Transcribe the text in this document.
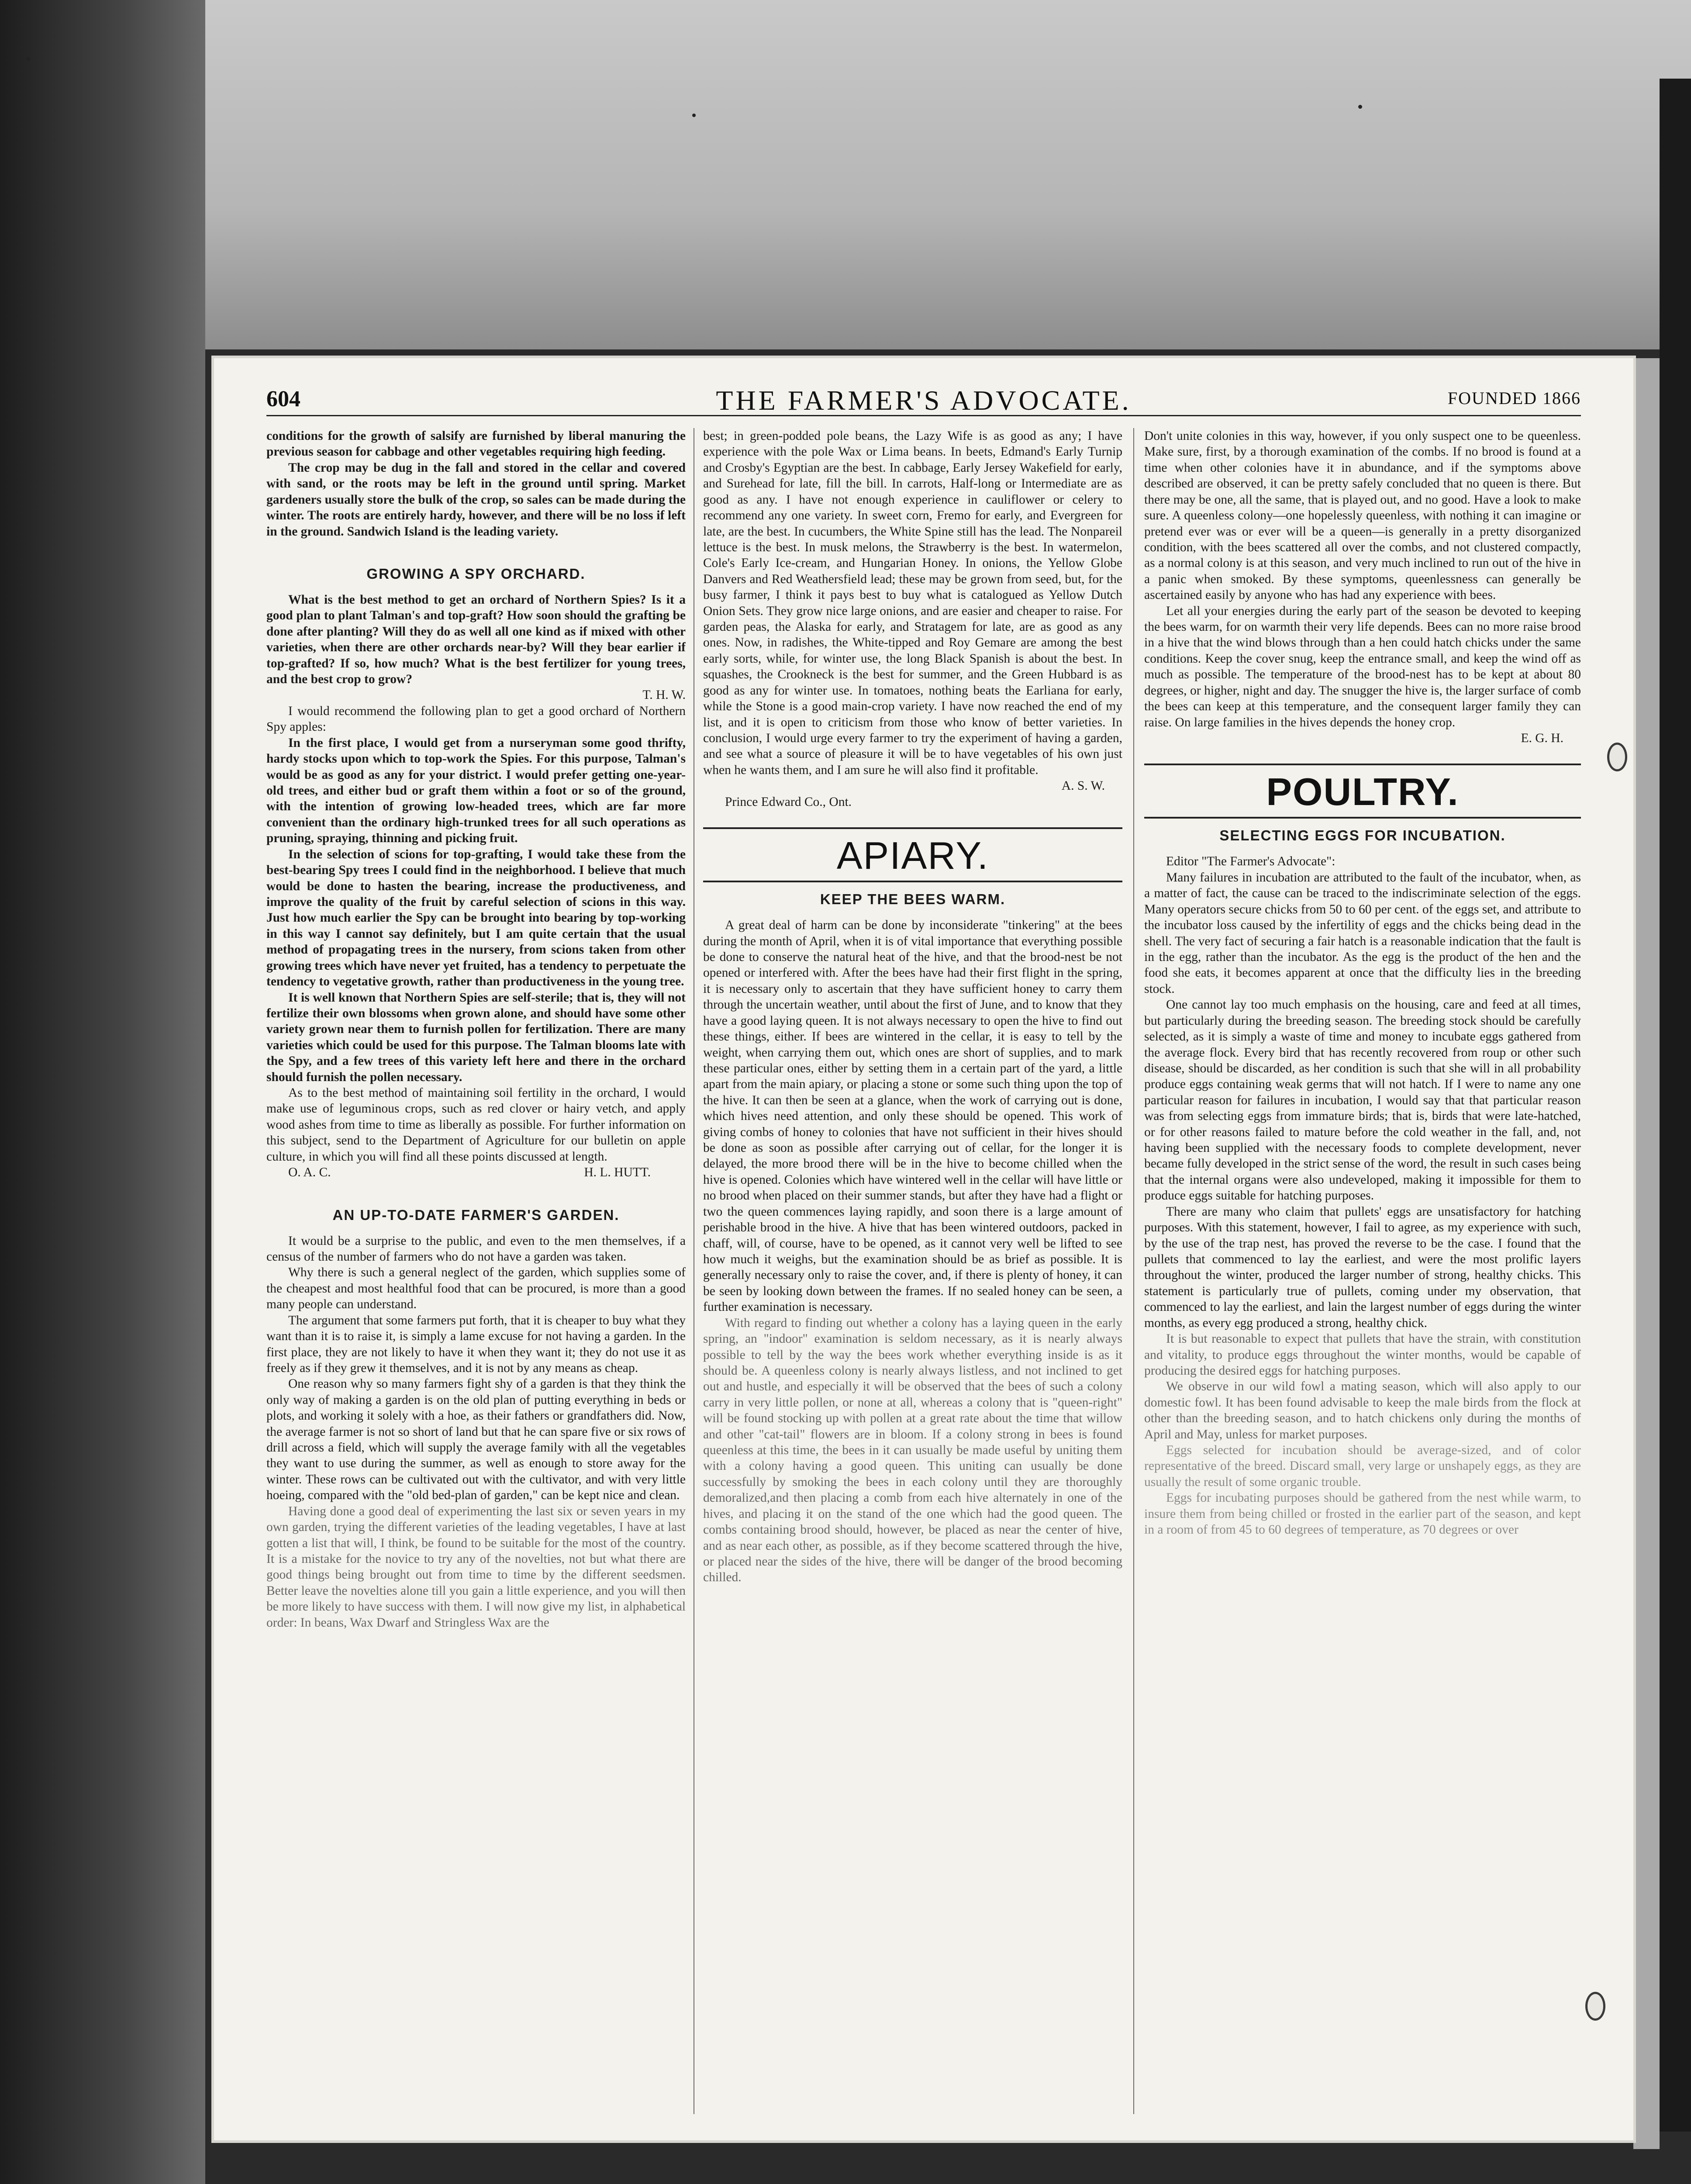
604	THE FARMER'S ADVOCATE.	FOUNDED 1866

conditions for the growth of salsify are furnished by liberal manuring the previous season for cabbage and other vegetables requiring high feeding.

The crop may be dug in the fall and stored in the cellar and covered with sand, or the roots may be left in the ground until spring. Market gardeners usually store the bulk of the crop, so sales can be made during the winter. The roots are entirely hardy, however, and there will be no loss if left in the ground. Sandwich Island is the leading variety.

GROWING A SPY ORCHARD.

What is the best method to get an orchard of Northern Spies? Is it a good plan to plant Talman's and top-graft? How soon should the grafting be done after planting? Will they do as well all one kind as if mixed with other varieties, when there are other orchards near-by? Will they bear earlier if top-grafted? If so, how much? What is the best fertilizer for young trees, and the best crop to grow?

T. H. W.

I would recommend the following plan to get a good orchard of Northern Spy apples:

In the first place, I would get from a nurseryman some good thrifty, hardy stocks upon which to top-work the Spies. For this purpose, Talman's would be as good as any for your district. I would prefer getting one-year-old trees, and either bud or graft them within a foot or so of the ground, with the intention of growing low-headed trees, which are far more convenient than the ordinary high-trunked trees for all such operations as pruning, spraying, thinning and picking fruit.

In the selection of scions for top-grafting, I would take these from the best-bearing Spy trees I could find in the neighborhood. I believe that much would be done to hasten the bearing, increase the productiveness, and improve the quality of the fruit by careful selection of scions in this way. Just how much earlier the Spy can be brought into bearing by top-working in this way I cannot say definitely, but I am quite certain that the usual method of propagating trees in the nursery, from scions taken from other growing trees which have never yet fruited, has a tendency to perpetuate the tendency to vegetative growth, rather than productiveness in the young tree.

It is well known that Northern Spies are self-sterile; that is, they will not fertilize their own blossoms when grown alone, and should have some other variety grown near them to furnish pollen for fertilization. There are many varieties which could be used for this purpose. The Talman blooms late with the Spy, and a few trees of this variety left here and there in the orchard should furnish the pollen necessary.

As to the best method of maintaining soil fertility in the orchard, I would make use of leguminous crops, such as red clover or hairy vetch, and apply wood ashes from time to time as liberally as possible. For further information on this subject, send to the Department of Agriculture for our bulletin on apple culture, in which you will find all these points discussed at length.

O. A. C.	H. L. HUTT.
AN UP-TO-DATE FARMER'S GARDEN.

It would be a surprise to the public, and even to the men themselves, if a census of the number of farmers who do not have a garden was taken.

Why there is such a general neglect of the garden, which supplies some of the cheapest and most healthful food that can be procured, is more than a good many people can understand.

The argument that some farmers put forth, that it is cheaper to buy what they want than it is to raise it, is simply a lame excuse for not having a garden. In the first place, they are not likely to have it when they want it; they do not use it as freely as if they grew it themselves, and it is not by any means as cheap.

One reason why so many farmers fight shy of a garden is that they think the only way of making a garden is on the old plan of putting everything in beds or plots, and working it solely with a hoe, as their fathers or grandfathers did. Now, the average farmer is not so short of land but that he can spare five or six rows of drill across a field, which will supply the average family with all the vegetables they want to use during the summer, as well as enough to store away for the winter. These rows can be cultivated out with the cultivator, and with very little hoeing, compared with the "old bed-plan of garden," can be kept nice and clean.

Having done a good deal of experimenting the last six or seven years in my own garden, trying the different varieties of the leading vegetables, I have at last gotten a list that will, I think, be found to be suitable for the most of the country. It is a mistake for the novice to try any of the novelties, not but what there are good things being brought out from time to time by the different seedsmen. Better leave the novelties alone till you gain a little experience, and you will then be more likely to have success with them. I will now give my list, in alphabetical order: In beans, Wax Dwarf and Stringless Wax are the

best; in green-podded pole beans, the Lazy Wife is as good as any; I have experience with the pole Wax or Lima beans. In beets, Edmand's Early Turnip and Crosby's Egyptian are the best. In cabbage, Early Jersey Wakefield for early, and Surehead for late, fill the bill. In carrots, Half-long or Intermediate are as good as any. I have not enough experience in cauliflower or celery to recommend any one variety. In sweet corn, Fremo for early, and Evergreen for late, are the best. In cucumbers, the White Spine still has the lead. The Nonpareil lettuce is the best. In musk melons, the Strawberry is the best. In watermelon, Cole's Early Ice-cream, and Hungarian Honey. In onions, the Yellow Globe Danvers and Red Weathersfield lead; these may be grown from seed, but, for the busy farmer, I think it pays best to buy what is catalogued as Yellow Dutch Onion Sets. They grow nice large onions, and are easier and cheaper to raise. For garden peas, the Alaska for early, and Stratagem for late, are as good as any ones. Now, in radishes, the White-tipped and Roy Gemare are among the best early sorts, while, for winter use, the long Black Spanish is about the best. In squashes, the Crookneck is the best for summer, and the Green Hubbard is as good as any for winter use. In tomatoes, nothing beats the Earliana for early, while the Stone is a good main-crop variety. I have now reached the end of my list, and it is open to criticism from those who know of better varieties. In conclusion, I would urge every farmer to try the experiment of having a garden, and see what a source of pleasure it will be to have vegetables of his own just when he wants them, and I am sure he will also find it profitable.

A. S. W.
Prince Edward Co., Ont.
APIARY.
KEEP THE BEES WARM.

A great deal of harm can be done by inconsiderate "tinkering" at the bees during the month of April, when it is of vital importance that everything possible be done to conserve the natural heat of the hive, and that the brood-nest be not opened or interfered with. After the bees have had their first flight in the spring, it is necessary only to ascertain that they have sufficient honey to carry them through the uncertain weather, until about the first of June, and to know that they have a good laying queen. It is not always necessary to open the hive to find out these things, either. If bees are wintered in the cellar, it is easy to tell by the weight, when carrying them out, which ones are short of supplies, and to mark these particular ones, either by setting them in a certain part of the yard, a little apart from the main apiary, or placing a stone or some such thing upon the top of the hive. It can then be seen at a glance, when the work of carrying out is done, which hives need attention, and only these should be opened. This work of giving combs of honey to colonies that have not sufficient in their hives should be done as soon as possible after carrying out of cellar, for the longer it is delayed, the more brood there will be in the hive to become chilled when the hive is opened. Colonies which have wintered well in the cellar will have little or no brood when placed on their summer stands, but after they have had a flight or two the queen commences laying rapidly, and soon there is a large amount of perishable brood in the hive. A hive that has been wintered outdoors, packed in chaff, will, of course, have to be opened, as it cannot very well be lifted to see how much it weighs, but the examination should be as brief as possible. It is generally necessary only to raise the cover, and, if there is plenty of honey, it can be seen by looking down between the frames. If no sealed honey can be seen, a further examination is necessary.

With regard to finding out whether a colony has a laying queen in the early spring, an "indoor" examination is seldom necessary, as it is nearly always possible to tell by the way the bees work whether everything inside is as it should be. A queenless colony is nearly always listless, and not inclined to get out and hustle, and especially it will be observed that the bees of such a colony carry in very little pollen, or none at all, whereas a colony that is "queen-right" will be found stocking up with pollen at a great rate about the time that willow and other "cat-tail" flowers are in bloom. If a colony strong in bees is found queenless at this time, the bees in it can usually be made useful by uniting them with a colony having a good queen. This uniting can usually be done successfully by smoking the bees in each colony until they are thoroughly demoralized,and then placing a comb from each hive alternately in one of the hives, and placing it on the stand of the one which had the good queen. The combs containing brood should, however, be placed as near the center of hive, and as near each other, as possible, as if they become scattered through the hive, or placed near the sides of the hive, there will be danger of the brood becoming chilled.

Don't unite colonies in this way, however, if you only suspect one to be queenless. Make sure, first, by a thorough examination of the combs. If no brood is found at a time when other colonies have it in abundance, and if the symptoms above described are observed, it can be pretty safely concluded that no queen is there. But there may be one, all the same, that is played out, and no good. Have a look to make sure. A queenless colony—one hopelessly queenless, with nothing it can imagine or pretend ever was or ever will be a queen—is generally in a pretty disorganized condition, with the bees scattered all over the combs, and not clustered compactly, as a normal colony is at this season, and very much inclined to run out of the hive in a panic when smoked. By these symptoms, queenlessness can generally be ascertained easily by anyone who has had any experience with bees.

Let all your energies during the early part of the season be devoted to keeping the bees warm, for on warmth their very life depends. Bees can no more raise brood in a hive that the wind blows through than a hen could hatch chicks under the same conditions. Keep the cover snug, keep the entrance small, and keep the wind off as much as possible. The temperature of the brood-nest has to be kept at about 80 degrees, or higher, night and day. The snugger the hive is, the larger surface of comb the bees can keep at this temperature, and the consequent larger family they can raise. On large families in the hives depends the honey crop.

E. G. H.
POULTRY.
SELECTING EGGS FOR INCUBATION.

Editor "The Farmer's Advocate":

Many failures in incubation are attributed to the fault of the incubator, when, as a matter of fact, the cause can be traced to the indiscriminate selection of the eggs. Many operators secure chicks from 50 to 60 per cent. of the eggs set, and attribute to the incubator loss caused by the infertility of eggs and the chicks being dead in the shell. The very fact of securing a fair hatch is a reasonable indication that the fault is in the egg, rather than the incubator. As the egg is the product of the hen and the food she eats, it becomes apparent at once that the difficulty lies in the breeding stock.

One cannot lay too much emphasis on the housing, care and feed at all times, but particularly during the breeding season. The breeding stock should be carefully selected, as it is simply a waste of time and money to incubate eggs gathered from the average flock. Every bird that has recently recovered from roup or other such disease, should be discarded, as her condition is such that she will in all probability produce eggs containing weak germs that will not hatch. If I were to name any one particular reason for failures in incubation, I would say that that particular reason was from selecting eggs from immature birds; that is, birds that were late-hatched, or for other reasons failed to mature before the cold weather in the fall, and, not having been supplied with the necessary foods to complete development, never became fully developed in the strict sense of the word, the result in such cases being that the internal organs were also undeveloped, making it impossible for them to produce eggs suitable for hatching purposes.

There are many who claim that pullets' eggs are unsatisfactory for hatching purposes. With this statement, however, I fail to agree, as my experience with such, by the use of the trap nest, has proved the reverse to be the case. I found that the pullets that commenced to lay the earliest, and were the most prolific layers throughout the winter, produced the larger number of strong, healthy chicks. This statement is particularly true of pullets, coming under my observation, that commenced to lay the earliest, and lain the largest number of eggs during the winter months, as every egg produced a strong, healthy chick.

It is but reasonable to expect that pullets that have the strain, with constitution and vitality, to produce eggs throughout the winter months, would be capable of producing the desired eggs for hatching purposes.

We observe in our wild fowl a mating season, which will also apply to our domestic fowl. It has been found advisable to keep the male birds from the flock at other than the breeding season, and to hatch chickens only during the months of April and May, unless for market purposes.

Eggs selected for incubation should be average-sized, and of color representative of the breed. Discard small, very large or unshapely eggs, as they are usually the result of some organic trouble.

Eggs for incubating purposes should be gathered from the nest while warm, to insure them from being chilled or frosted in the earlier part of the season, and kept in a room of from 45 to 60 degrees of temperature, as 70 degrees or over
